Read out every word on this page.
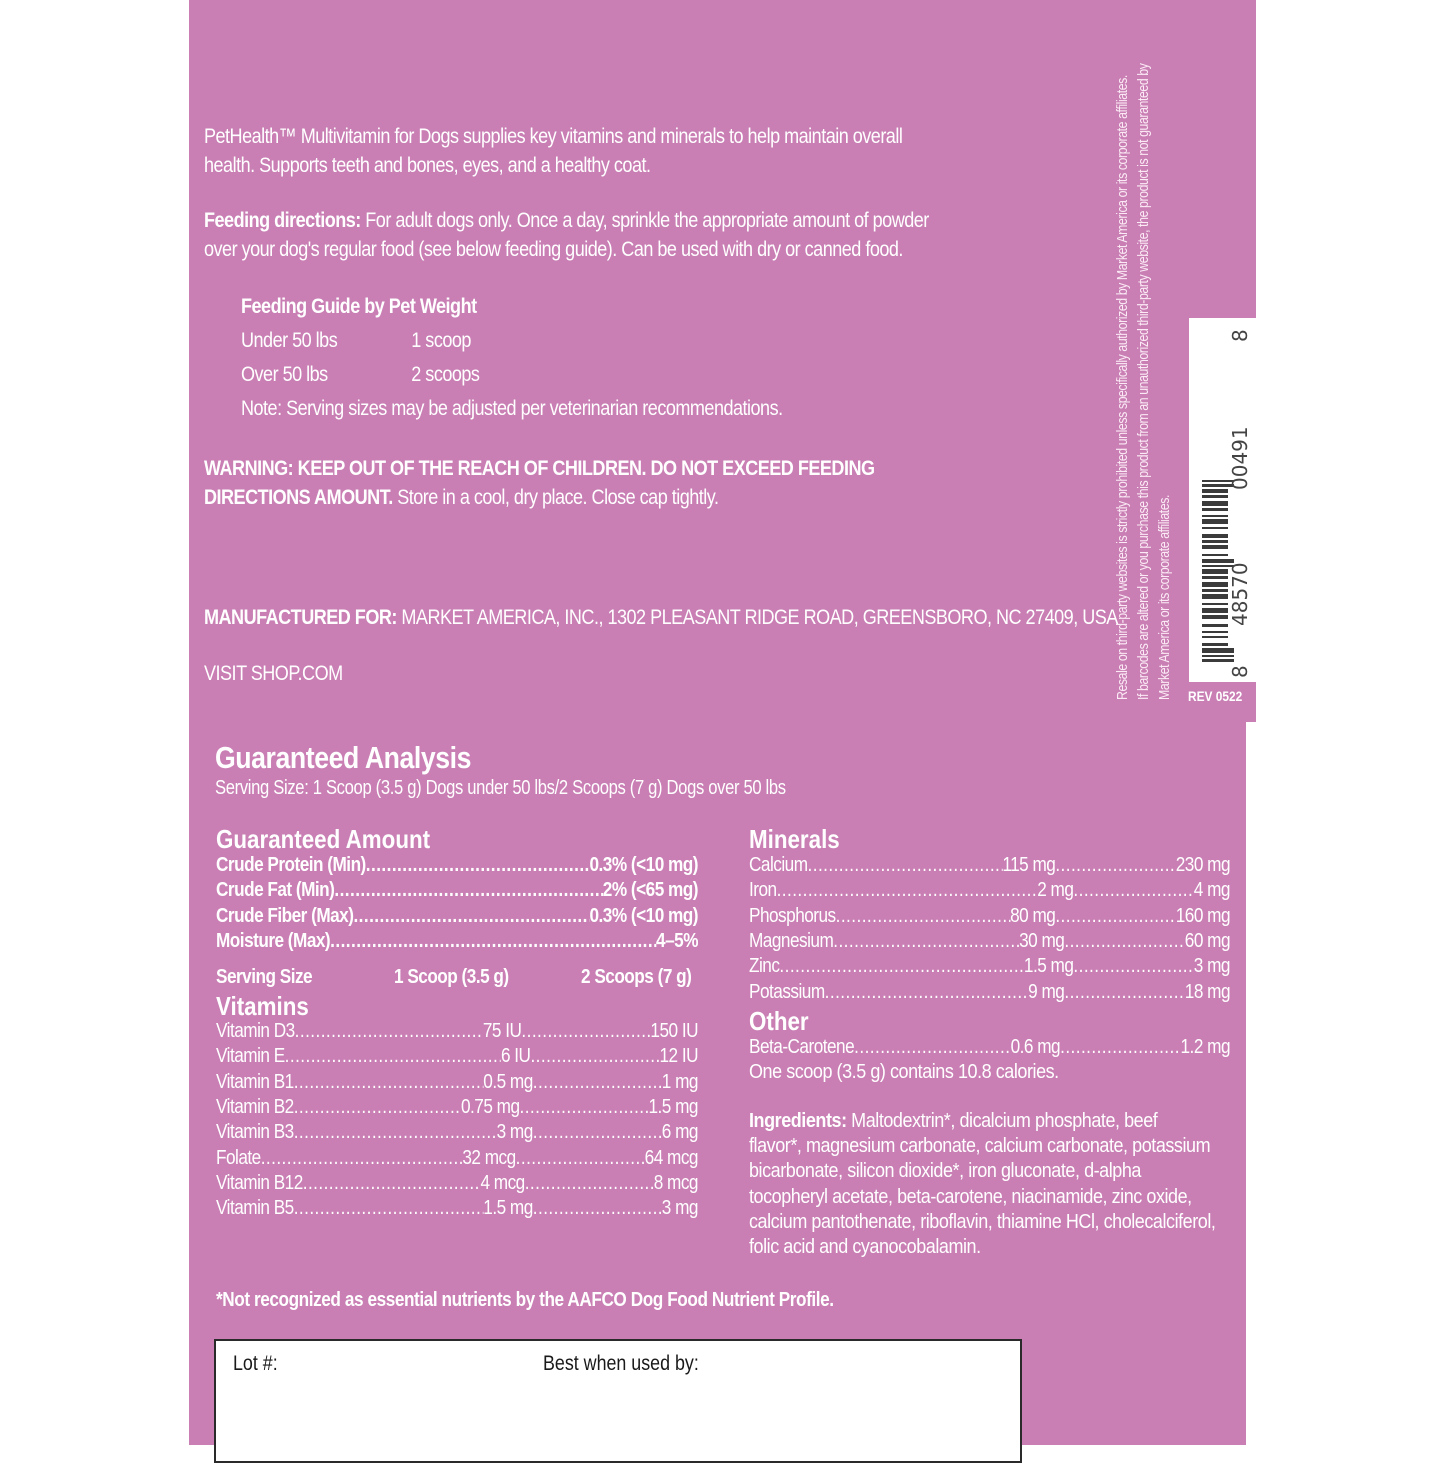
PetHealth™ Multivitamin for Dogs supplies key vitamins and minerals to help maintain overall
health. Supports teeth and bones, eyes, and a healthy coat.
Feeding directions: For adult dogs only. Once a day, sprinkle the appropriate amount of powder
over your dog's regular food (see below feeding guide). Can be used with dry or canned food.
Feeding Guide by Pet Weight
Under 50 lbs	1 scoop
Over 50 lbs	2 scoops
Note: Serving sizes may be adjusted per veterinarian recommendations.
WARNING: KEEP OUT OF THE REACH OF CHILDREN. DO NOT EXCEED FEEDING
DIRECTIONS AMOUNT. Store in a cool, dry place. Close cap tightly.
MANUFACTURED FOR: MARKET AMERICA, INC., 1302 PLEASANT RIDGE ROAD, GREENSBORO, NC 27409, USA
VISIT SHOP.COM	Resale on third-party websites is strictly prohibited unless specifically authorized by Market America or its corporate affiliates. If barcodes are altered or you purchase this product from an unauthorized third-party website, the product is not guaranteed by Market America or its corporate affiliates.	8
48570
00491
8
REV 0522
Guaranteed Analysis
Serving Size: 1 Scoop (3.5 g) Dogs under 50 lbs/2 Scoops (7 g) Dogs over 50 lbs
Guaranteed Amount
Crude Protein (Min) .....	0.3% (<10 mg)
Crude Fat (Min) .....	2% (<65 mg)
Crude Fiber (Max) .....	0.3% (<10 mg)
Moisture (Max) .....	4–5%
Serving Size	1 Scoop (3.5 g)	2 Scoops (7 g)
Vitamins
Vitamin D3 .....	75 IU .....	150 IU
Vitamin E .....	6 IU .....	12 IU
Vitamin B1 .....	0.5 mg .....	1 mg
Vitamin B2 .....	0.75 mg .....	1.5 mg
Vitamin B3 .....	3 mg .....	6 mg
Folate .....	32 mcg .....	64 mcg
Vitamin B12 .....	4 mcg .....	8 mcg
Vitamin B5 .....	1.5 mg .....	3 mg
Minerals
Calcium .....	115 mg .....	230 mg
Iron .....	2 mg .....	4 mg
Phosphorus .....	80 mg .....	160 mg
Magnesium .....	30 mg .....	60 mg
Zinc .....	1.5 mg .....	3 mg
Potassium .....	9 mg .....	18 mg
Other
Beta-Carotene .....	0.6 mg .....	1.2 mg
One scoop (3.5 g) contains 10.8 calories.
Ingredients: Maltodextrin*, dicalcium phosphate, beef
flavor*, magnesium carbonate, calcium carbonate, potassium
bicarbonate, silicon dioxide*, iron gluconate, d-alpha
tocopheryl acetate, beta-carotene, niacinamide, zinc oxide,
calcium pantothenate, riboflavin, thiamine HCl, cholecalciferol,
folic acid and cyanocobalamin.
*Not recognized as essential nutrients by the AAFCO Dog Food Nutrient Profile.
Lot #:	Best when used by:
